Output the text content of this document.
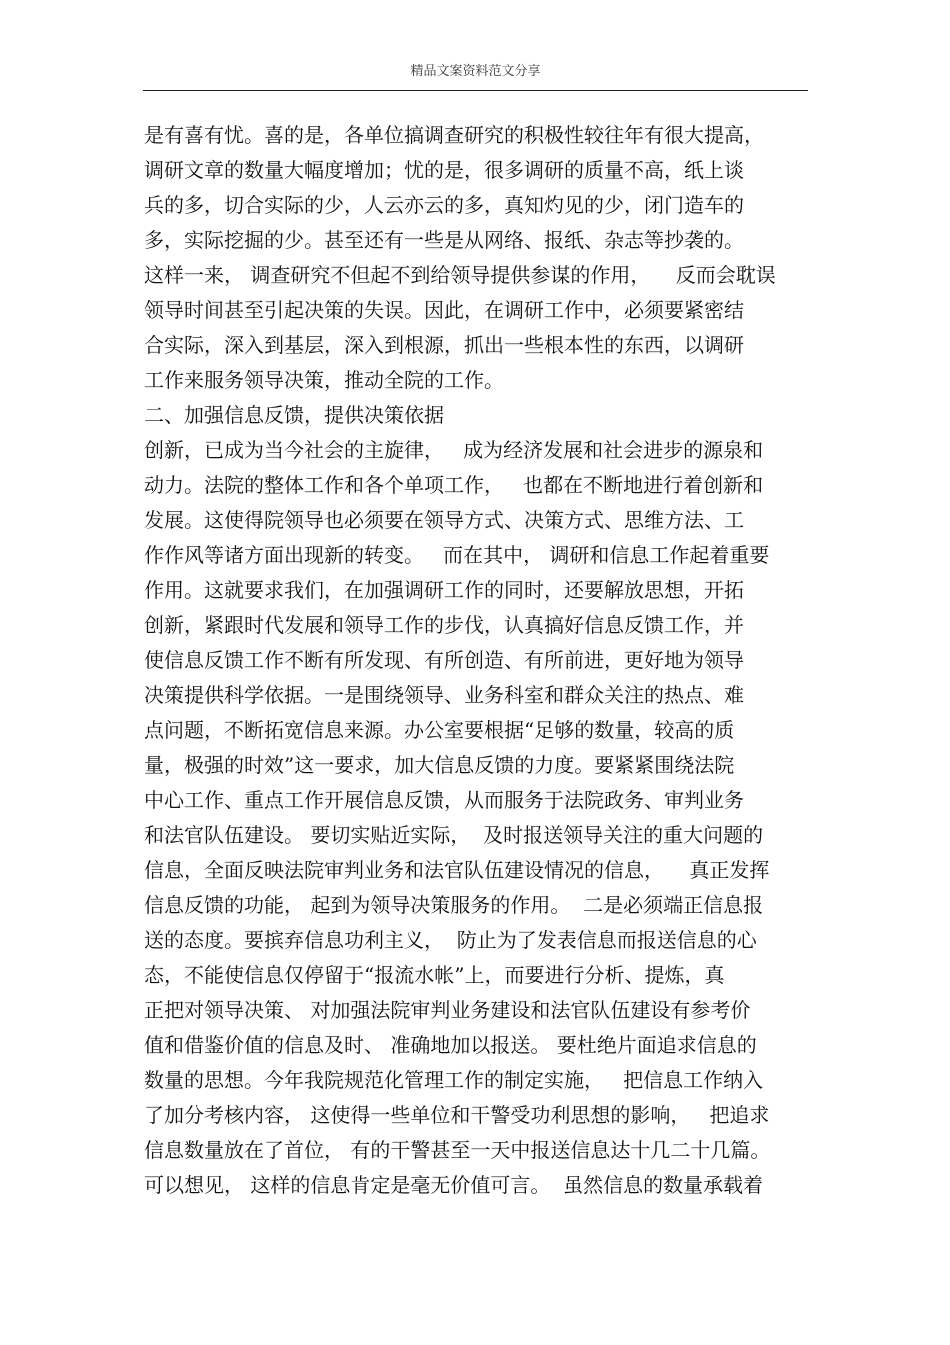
精品文案资料范文分享
是有喜有忧。喜的是，各单位搞调查研究的积极性较往年有很大提高，
调研文章的数量大幅度增加；忧的是，很多调研的质量不高，纸上谈
兵的多，切合实际的少，人云亦云的多，真知灼见的少，闭门造车的
多，实际挖掘的少。甚至还有一些是从网络、报纸、杂志等抄袭的。
这样一来， 调查研究不但起不到给领导提供参谋的作用，    反而会耽误
领导时间甚至引起决策的失误。因此，在调研工作中，必须要紧密结
合实际，深入到基层，深入到根源，抓出一些根本性的东西，以调研
工作来服务领导决策，推动全院的工作。
二、加强信息反馈，提供决策依据
创新，已成为当今社会的主旋律，   成为经济发展和社会进步的源泉和
动力。法院的整体工作和各个单项工作，   也都在不断地进行着创新和
发展。这使得院领导也必须要在领导方式、决策方式、思维方法、工
作作风等诸方面出现新的转变。   而在其中， 调研和信息工作起着重要
作用。这就要求我们，在加强调研工作的同时，还要解放思想，开拓
创新，紧跟时代发展和领导工作的步伐，认真搞好信息反馈工作，并
使信息反馈工作不断有所发现、有所创造、有所前进，更好地为领导
决策提供科学依据。一是围绕领导、业务科室和群众关注的热点、难
点问题，不断拓宽信息来源。办公室要根据“足够的数量，较高的质
量，极强的时效”这一要求，加大信息反馈的力度。要紧紧围绕法院
中心工作、重点工作开展信息反馈，从而服务于法院政务、审判业务
和法官队伍建设。 要切实贴近实际，  及时报送领导关注的重大问题的
信息，全面反映法院审判业务和法官队伍建设情况的信息，    真正发挥
信息反馈的功能， 起到为领导决策服务的作用。  二是必须端正信息报
送的态度。要摈弃信息功利主义，  防止为了发表信息而报送信息的心
态，不能使信息仅停留于“报流水帐”上，而要进行分析、提炼，真
正把对领导决策、 对加强法院审判业务建设和法官队伍建设有参考价
值和借鉴价值的信息及时、 准确地加以报送。 要杜绝片面追求信息的
数量的思想。今年我院规范化管理工作的制定实施，   把信息工作纳入
了加分考核内容， 这使得一些单位和干警受功利思想的影响，   把追求
信息数量放在了首位， 有的干警甚至一天中报送信息达十几二十几篇。
可以想见， 这样的信息肯定是毫无价值可言。  虽然信息的数量承载着
